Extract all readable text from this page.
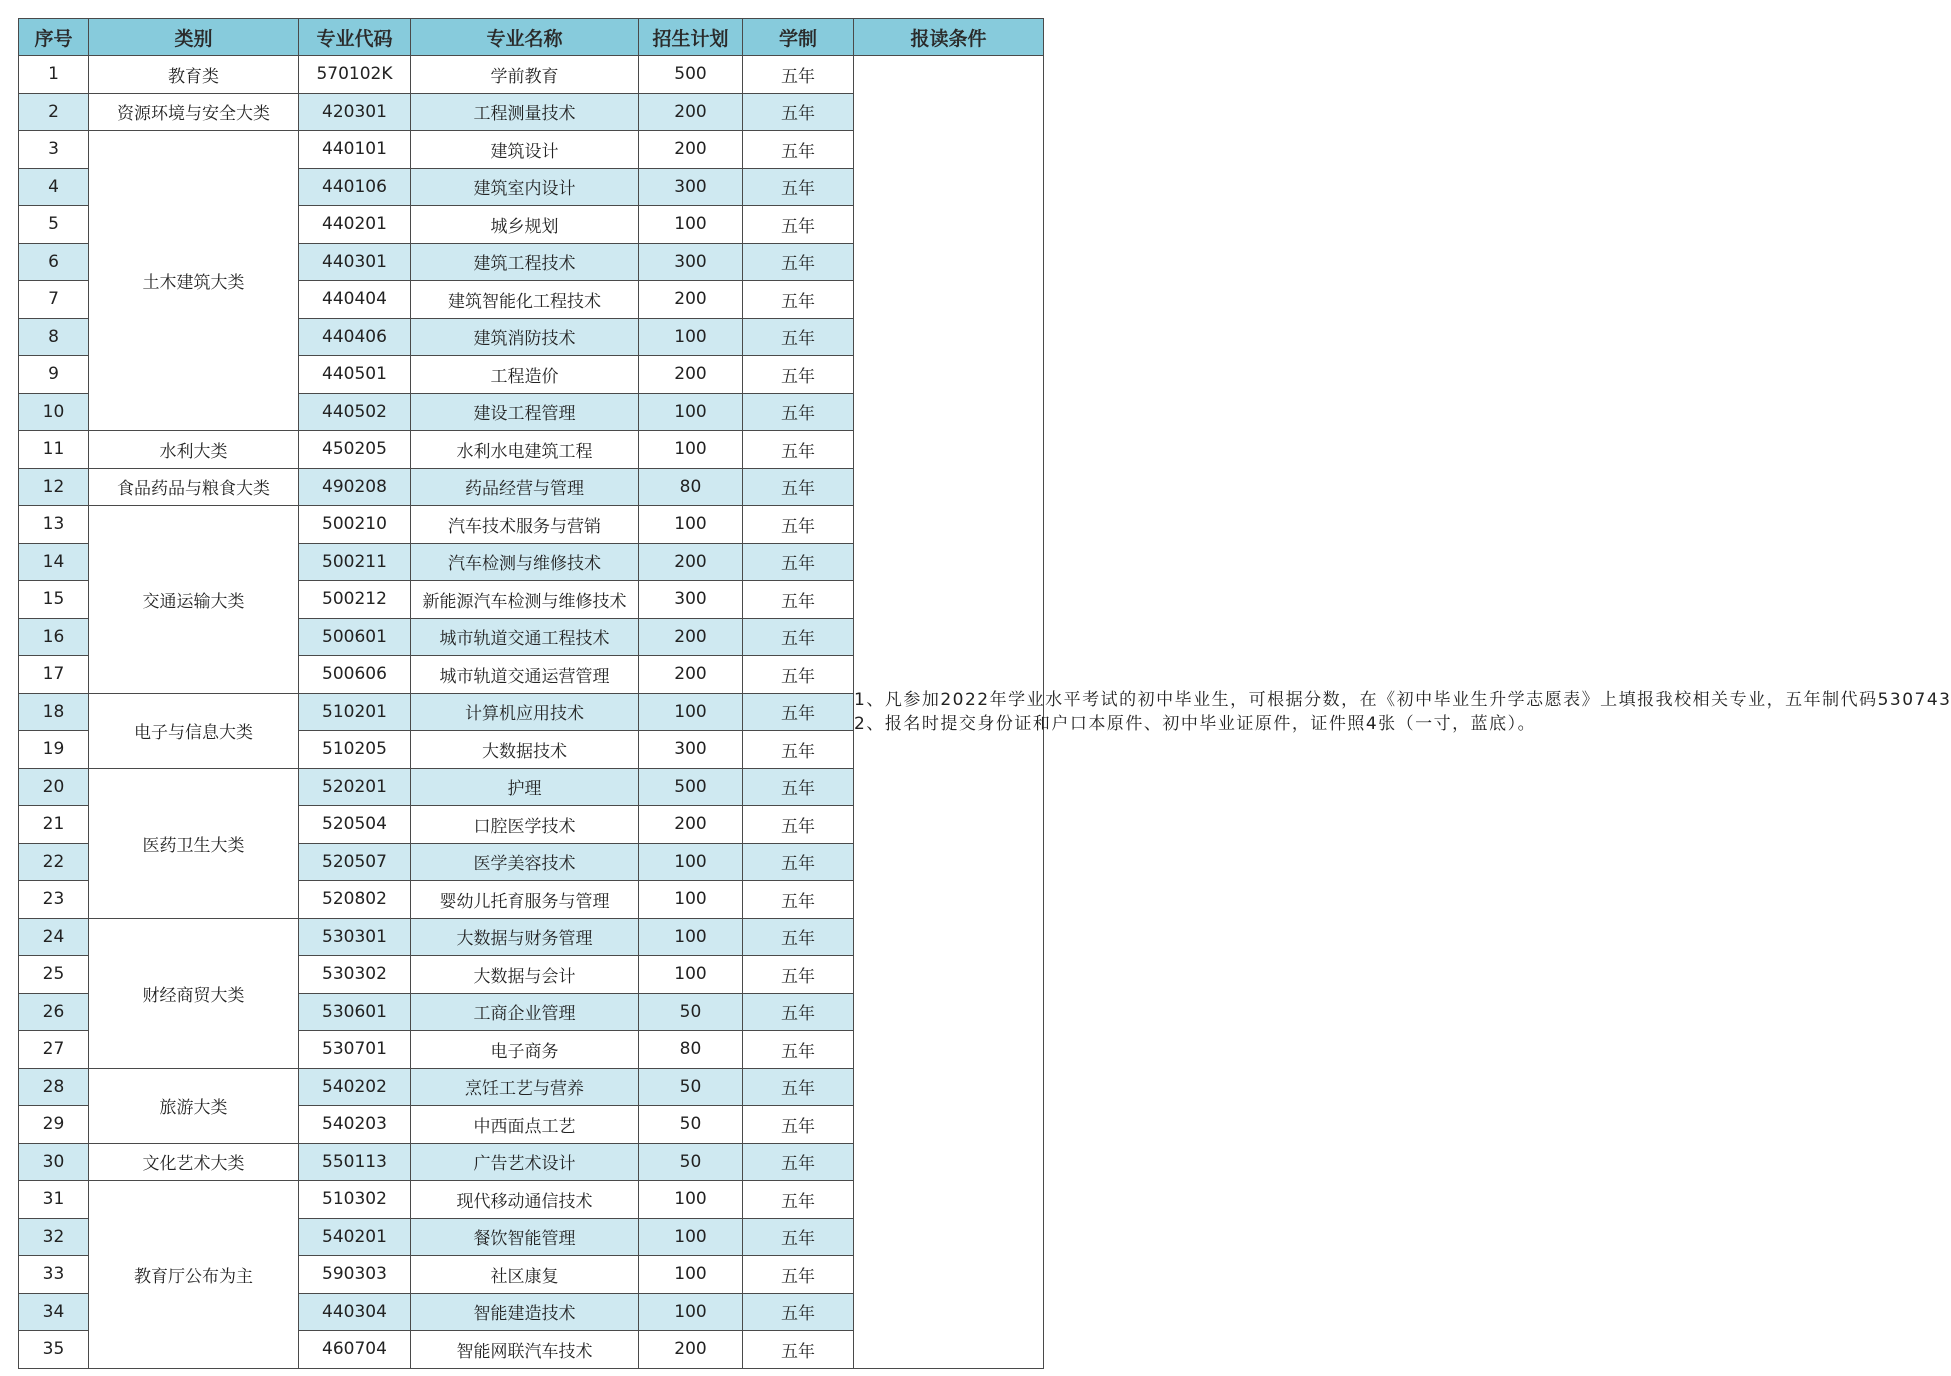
序号	类别	专业代码	专业名称	招生计划	学制	报读条件
1	教育类	570102K	学前教育	500	五年	1、凡参加2022年学业水平考试的初中毕业生，可根据分数，在《初中毕业生升学志愿表》上填报我校相关专业，五年制代码530743
2、报名时提交身份证和户口本原件、初中毕业证原件，证件照4张（一寸，蓝底）。
2	资源环境与安全大类	420301	工程测量技术	200	五年	
3	土木建筑大类	440101	建筑设计	200	五年	
4		440106	建筑室内设计	300	五年	
5		440201	城乡规划	100	五年	
6		440301	建筑工程技术	300	五年	
7		440404	建筑智能化工程技术	200	五年	
8		440406	建筑消防技术	100	五年	
9		440501	工程造价	200	五年	
10		440502	建设工程管理	100	五年	
11	水利大类	450205	水利水电建筑工程	100	五年	
12	食品药品与粮食大类	490208	药品经营与管理	80	五年	
13	交通运输大类	500210	汽车技术服务与营销	100	五年	
14		500211	汽车检测与维修技术	200	五年	
15		500212	新能源汽车检测与维修技术	300	五年	
16		500601	城市轨道交通工程技术	200	五年	
17		500606	城市轨道交通运营管理	200	五年	
18	电子与信息大类	510201	计算机应用技术	100	五年	
19		510205	大数据技术	300	五年	
20	医药卫生大类	520201	护理	500	五年	
21		520504	口腔医学技术	200	五年	
22		520507	医学美容技术	100	五年	
23		520802	婴幼儿托育服务与管理	100	五年	
24	财经商贸大类	530301	大数据与财务管理	100	五年	
25		530302	大数据与会计	100	五年	
26		530601	工商企业管理	50	五年	
27		530701	电子商务	80	五年	
28	旅游大类	540202	烹饪工艺与营养	50	五年	
29		540203	中西面点工艺	50	五年	
30	文化艺术大类	550113	广告艺术设计	50	五年	
31	教育厅公布为主	510302	现代移动通信技术	100	五年	
32		540201	餐饮智能管理	100	五年	
33		590303	社区康复	100	五年	
34		440304	智能建造技术	100	五年	
35		460704	智能网联汽车技术	200	五年	
